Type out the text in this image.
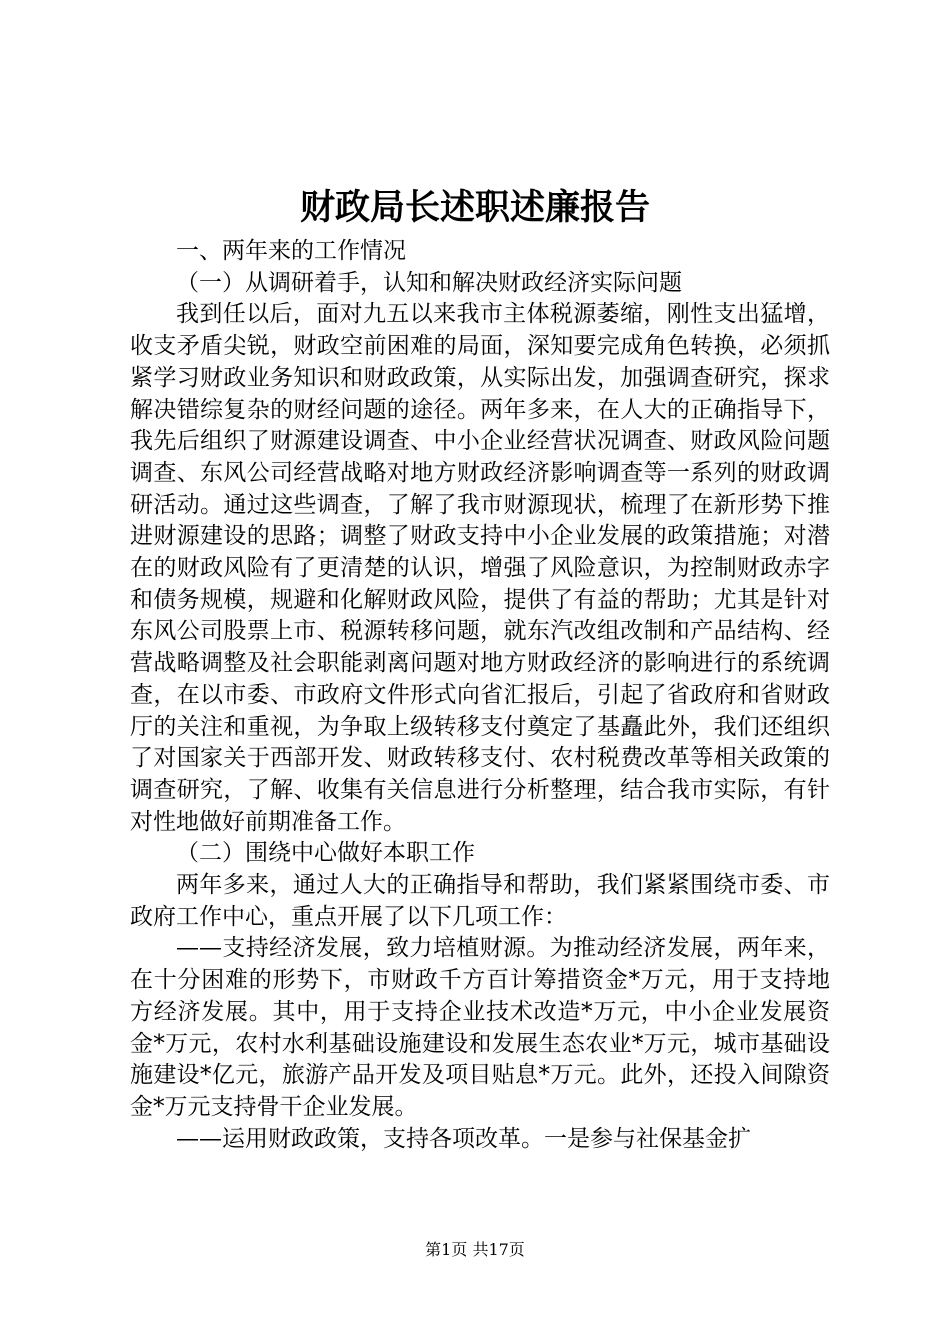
财政局长述职述廉报告

一、两年来的工作情况

（一）从调研着手，认知和解决财政经济实际问题

我到任以后，面对九五以来我市主体税源萎缩，刚性支出猛增，收支矛盾尖锐，财政空前困难的局面，深知要完成角色转换，必须抓紧学习财政业务知识和财政政策，从实际出发，加强调查研究，探求解决错综复杂的财经问题的途径。两年多来，在人大的正确指导下，我先后组织了财源建设调查、中小企业经营状况调查、财政风险问题调查、东风公司经营战略对地方财政经济影响调查等一系列的财政调研活动。通过这些调查，了解了我市财源现状，梳理了在新形势下推进财源建设的思路；调整了财政支持中小企业发展的政策措施；对潜在的财政风险有了更清楚的认识，增强了风险意识，为控制财政赤字和债务规模，规避和化解财政风险，提供了有益的帮助；尤其是针对东风公司股票上市、税源转移问题，就东汽改组改制和产品结构、经营战略调整及社会职能剥离问题对地方财政经济的影响进行的系统调查，在以市委、市政府文件形式向省汇报后，引起了省政府和省财政厅的关注和重视，为争取上级转移支付奠定了基矗此外，我们还组织了对国家关于西部开发、财政转移支付、农村税费改革等相关政策的调查研究，了解、收集有关信息进行分析整理，结合我市实际，有针对性地做好前期准备工作。

（二）围绕中心做好本职工作

两年多来，通过人大的正确指导和帮助，我们紧紧围绕市委、市政府工作中心，重点开展了以下几项工作：

——支持经济发展，致力培植财源。为推动经济发展，两年来，在十分困难的形势下，市财政千方百计筹措资金*万元，用于支持地方经济发展。其中，用于支持企业技术改造*万元，中小企业发展资金*万元，农村水利基础设施建设和发展生态农业*万元，城市基础设施建设*亿元，旅游产品开发及项目贴息*万元。此外，还投入间隙资金*万元支持骨干企业发展。

——运用财政政策，支持各项改革。一是参与社保基金扩

第1页 共17页
